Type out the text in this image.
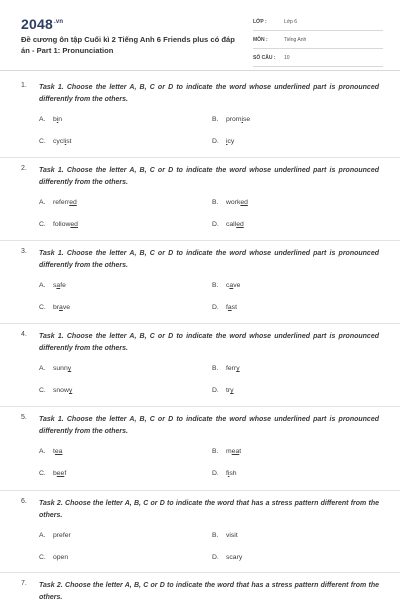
$2048^{.vn}$
Đề cương ôn tập Cuối kì 2 Tiếng Anh 6 Friends plus có đáp án - Part 1: Pronunciation
LỚP :	Lớp 6
MÔN :	Tiếng Anh
SỐ CÂU : 10
1. Task 1. Choose the letter A, B, C or D to indicate the word whose underlined part is pronounced differently from the others.
A. bin	B. promise
C. cyclist	D. icy
2. Task 1. Choose the letter A, B, C or D to indicate the word whose underlined part is pronounced differently from the others.
A. referred	B. worked
C. followed	D. called
3. Task 1. Choose the letter A, B, C or D to indicate the word whose underlined part is pronounced differently from the others.
A. safe	B. cave
C. brave	D. fast
4. Task 1. Choose the letter A, B, C or D to indicate the word whose underlined part is pronounced differently from the others.
A. sunny	B. ferry
C. snowy	D. try
5. Task 1. Choose the letter A, B, C or D to indicate the word whose underlined part is pronounced differently from the others.
A. tea	B. meat
C. beef	D. fish
6. Task 2. Choose the letter A, B, C or D to indicate the word that has a stress pattern different from the others.
A. prefer	B. visit
C. open	D. scary
7. Task 2. Choose the letter A, B, C or D to indicate the word that has a stress pattern different from the others.
